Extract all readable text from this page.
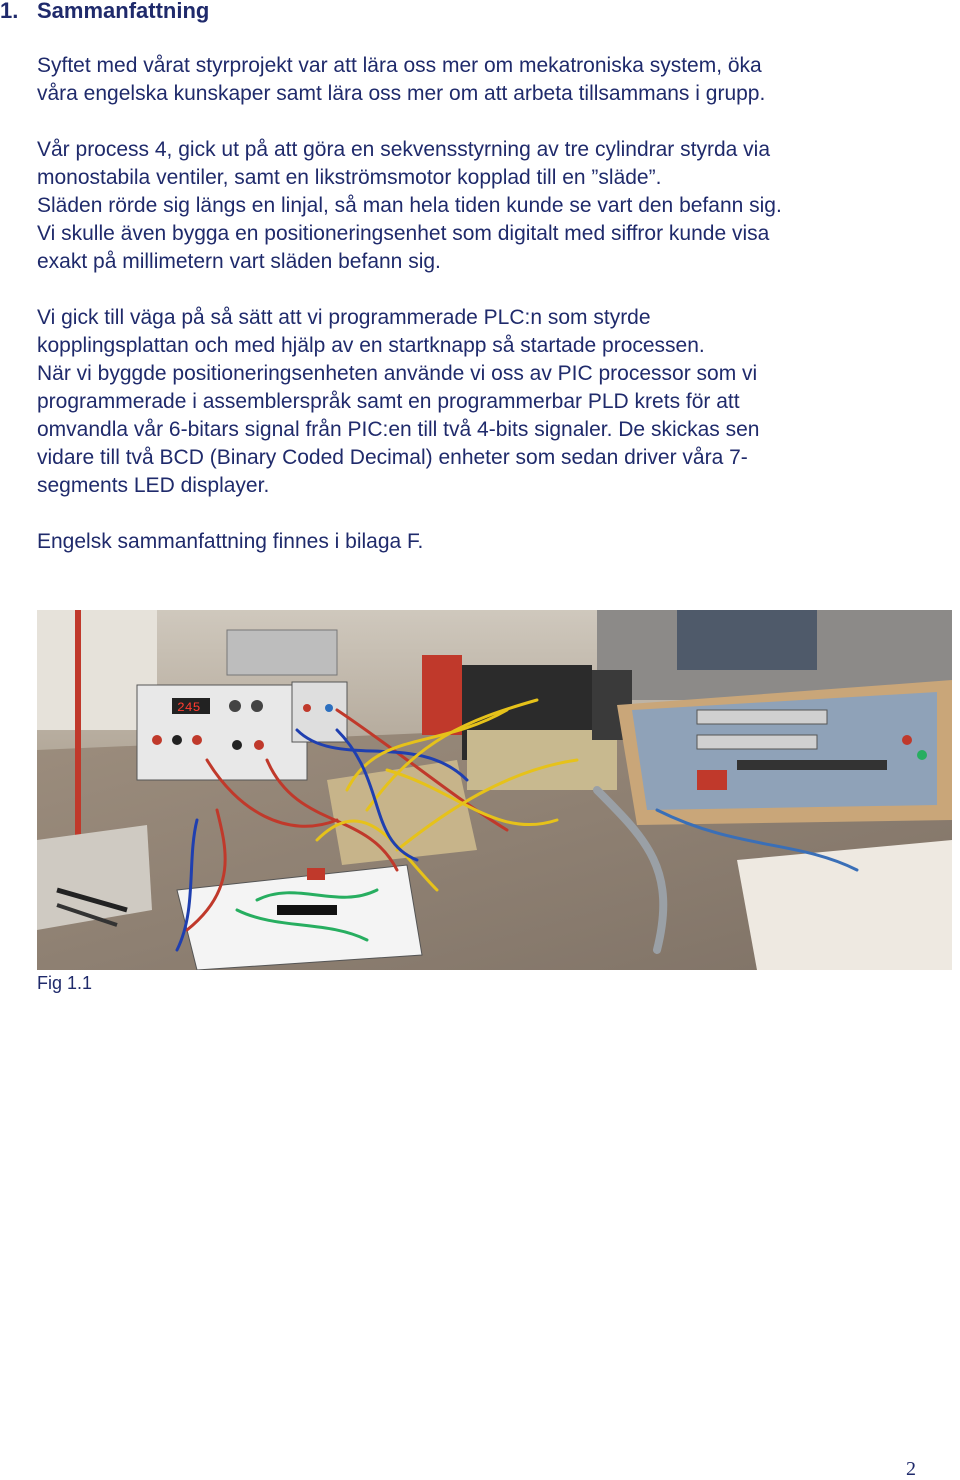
1. Sammanfattning
Syftet med vårat styrprojekt var att lära oss mer om mekatroniska system, öka
våra engelska kunskaper samt lära oss mer om att arbeta tillsammans i grupp.
Vår process 4, gick ut på att göra en sekvensstyrning av tre cylindrar styrda via
monostabila ventiler, samt en likströmsmotor kopplad till en ”släde”.
Släden rörde sig längs en linjal, så man hela tiden kunde se vart den befann sig.
Vi skulle även bygga en positioneringsenhet som digitalt med siffror kunde visa
exakt på millimetern vart släden befann sig.
Vi gick till väga på så sätt att vi programmerade PLC:n som styrde
kopplingsplattan och med hjälp av en startknapp så startade processen.
När vi byggde positioneringsenheten använde vi oss av PIC processor som vi
programmerade i assemblerspråk samt en programmerbar PLD krets för att
omvandla vår 6-bitars signal från PIC:en till två 4-bits signaler. De skickas sen
vidare till två BCD (Binary Coded Decimal) enheter som sedan driver våra 7-
segments LED displayer.
Engelsk sammanfattning finnes i bilaga F.
245
Fig 1.1
2
